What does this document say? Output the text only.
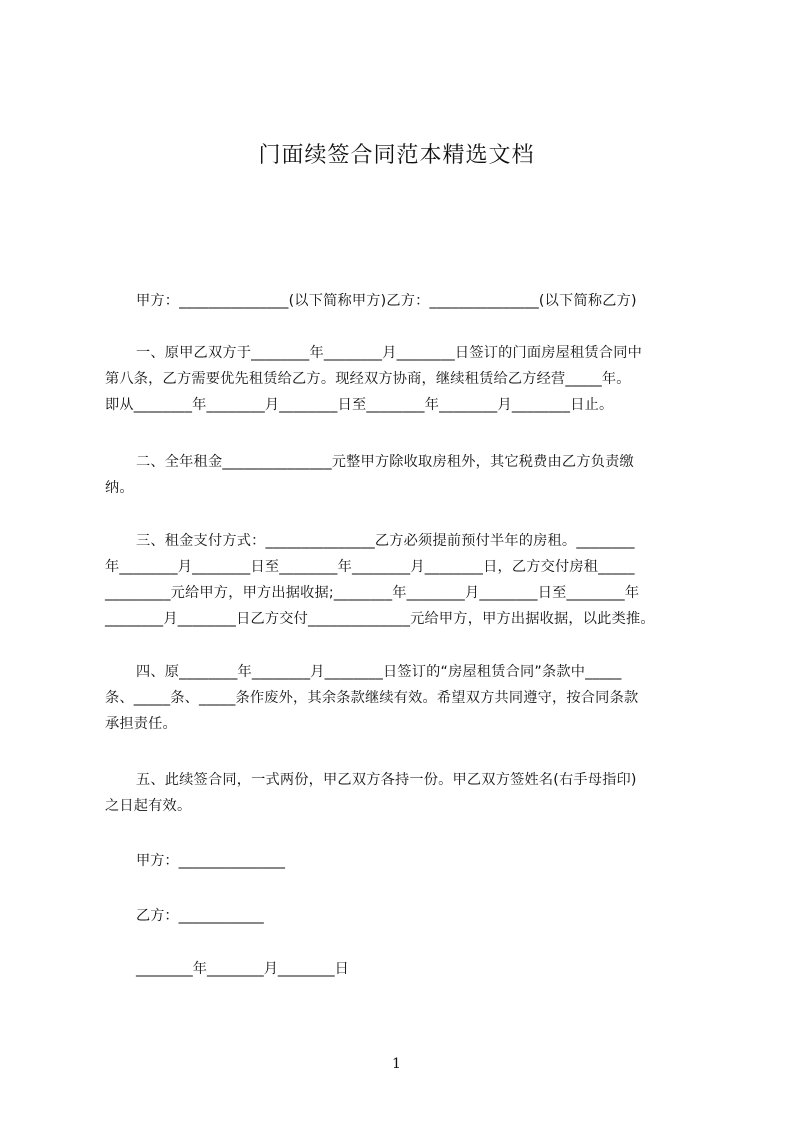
门面续签合同范本精选文档
甲方：_______________(以下简称甲方)乙方：_______________(以下简称乙方)
一、原甲乙双方于________年________月________日签订的门面房屋租赁合同中
第八条，乙方需要优先租赁给乙方。现经双方协商，继续租赁给乙方经营_____年。
即从________年________月________日至________年________月________日止。
二、全年租金_______________元整甲方除收取房租外，其它税费由乙方负责缴
纳。
三、租金支付方式：_______________乙方必须提前预付半年的房租。________
年________月________日至________年________月________日，乙方交付房租_____
_________元给甲方，甲方出据收据;________年________月________日至________年
________月________日乙方交付______________元给甲方，甲方出据收据，以此类推。
四、原________年________月________日签订的“房屋租赁合同”条款中_____
条、_____条、_____条作废外，其余条款继续有效。希望双方共同遵守，按合同条款
承担责任。
五、此续签合同，一式两份，甲乙双方各持一份。甲乙双方签姓名(右手母指印)
之日起有效。
甲方：_______________
乙方：____________
________年________月________日
1
